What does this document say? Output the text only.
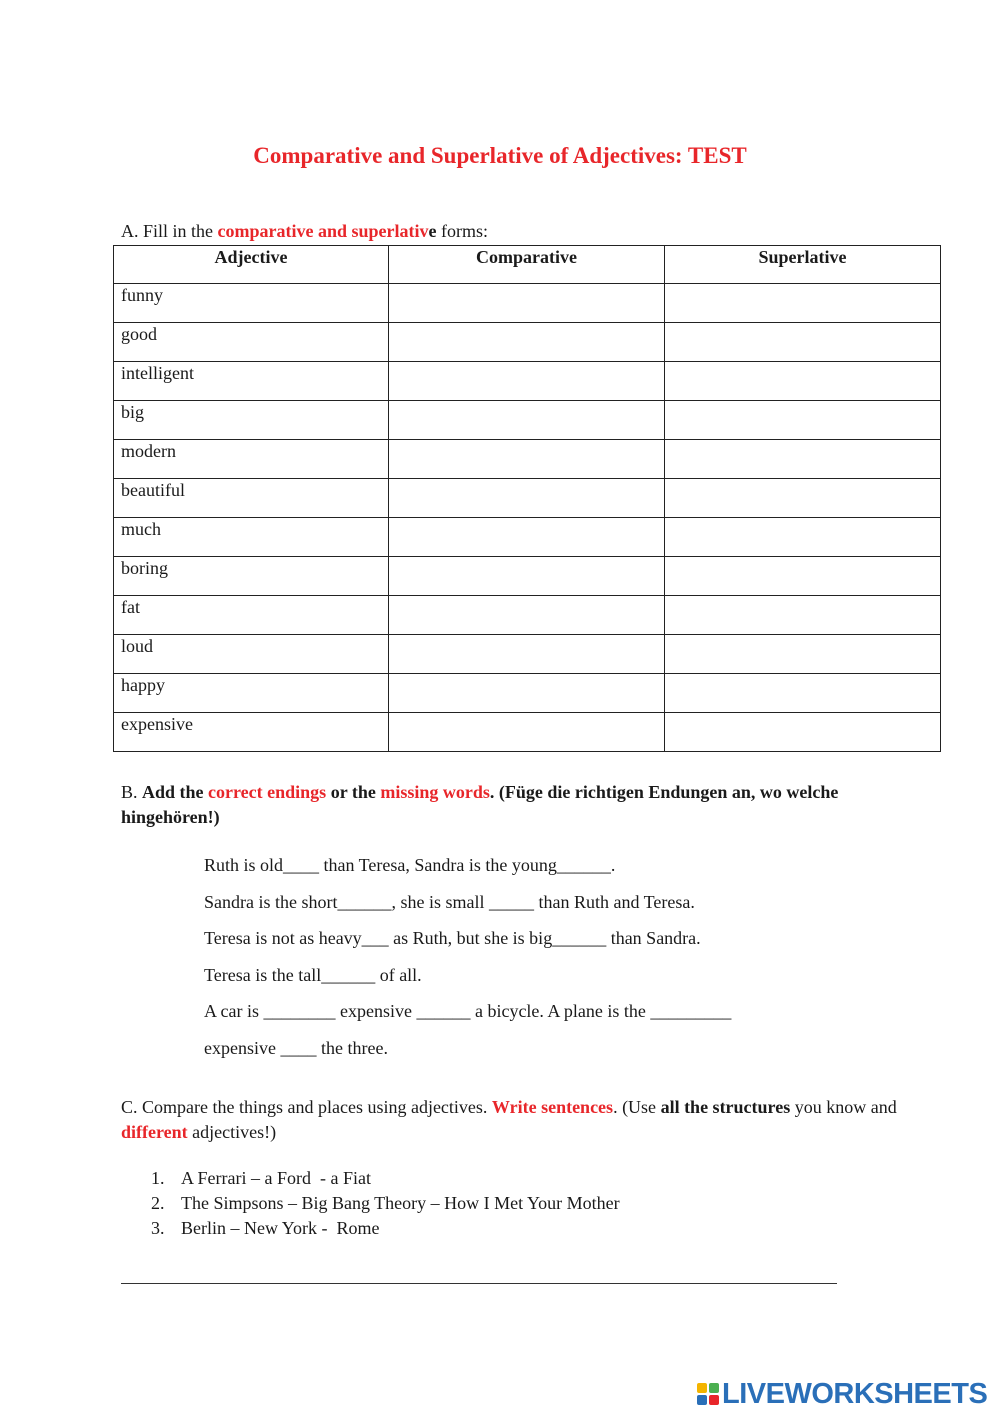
Comparative and Superlative of Adjectives: TEST
A. Fill in the comparative and superlative forms:
Adjective	Comparative	Superlative
funny		
good		
intelligent		
big		
modern		
beautiful		
much		
boring		
fat		
loud		
happy		
expensive		
B. Add the correct endings or the missing words. (Füge die richtigen Endungen an, wo welche hingehören!)
Ruth is old____ than Teresa, Sandra is the young______.
Sandra is the short______, she is small _____ than Ruth and Teresa.
Teresa is not as heavy___ as Ruth, but she is big______ than Sandra.
Teresa is the tall______ of all.
A car is ________ expensive ______ a bicycle. A plane is the _________
expensive ____ the three.
C. Compare the things and places using adjectives. Write sentences. (Use all the structures you know and different adjectives!)
1. A Ferrari – a Ford  - a Fiat
2. The Simpsons – Big Bang Theory – How I Met Your Mother
3. Berlin – New York -  Rome
LIVEWORKSHEETS
